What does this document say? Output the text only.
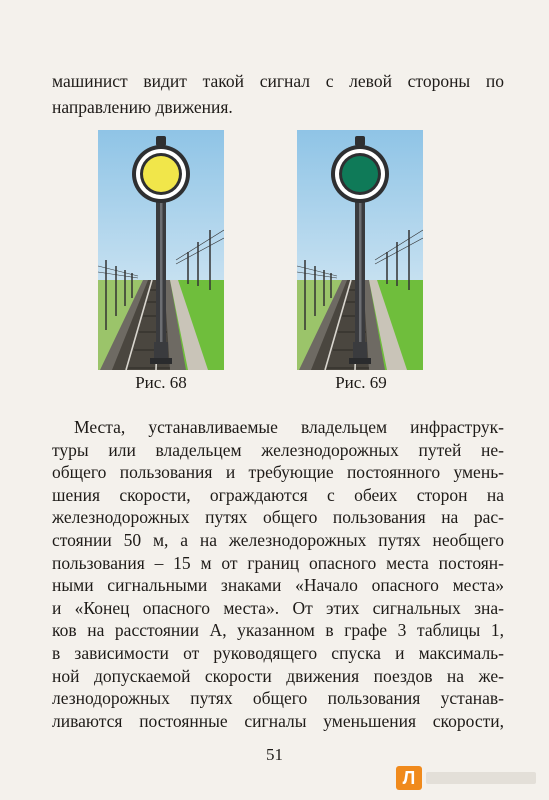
машинист видит такой сигнал с левой стороны по направлению движения.

Рис. 68	Рис. 69

Места, устанавливаемые владельцем инфраструк-
туры или владельцем железнодорожных путей не-
общего пользования и требующие постоянного умень-
шения скорости, ограждаются с обеих сторон на
железнодорожных путях общего пользования на рас-
стоянии 50 м, а на железнодорожных путях необщего
пользования – 15 м от границ опасного места постоян-
ными сигнальными знаками «Начало опасного места»
и «Конец опасного места». От этих сигнальных зна-
ков на расстоянии А, указанном в графе 3 таблицы 1,
в зависимости от руководящего спуска и максималь-
ной допускаемой скорости движения поездов на же-
лезнодорожных путях общего пользования устанав-
ливаются постоянные сигналы уменьшения скорости,

51

Л
